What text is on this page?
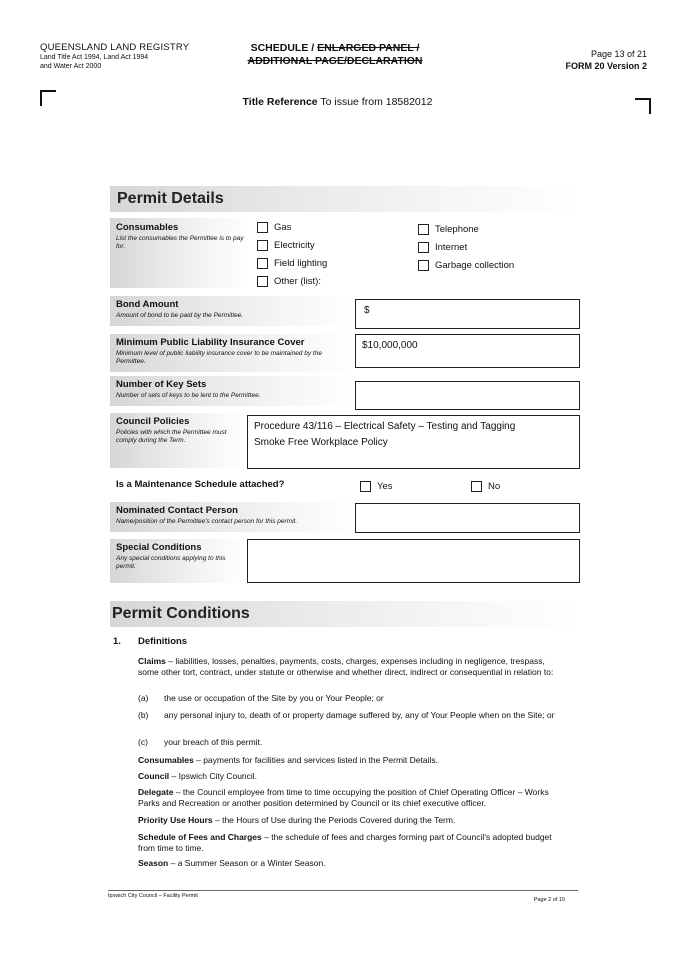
QUEENSLAND LAND REGISTRY
Land Title Act 1994, Land Act 1994
and Water Act 2000
SCHEDULE / ENLARGED PANEL /
ADDITIONAL PAGE/DECLARATION
Page 13 of 21
FORM 20 Version 2
Title Reference To issue from 18582012
Permit Details
Consumables
List the consumables the Permittee is to pay for.
Gas
Electricity
Field lighting
Other (list):
Telephone
Internet
Garbage collection
Bond Amount
Amount of bond to be paid by the Permittee.	$
Minimum Public Liability Insurance Cover
Minimum level of public liability insurance cover to be maintained by the Permittee.
$10,000,000
Number of Key Sets
Number of sets of keys to be lent to the Permittee.
Council Policies
Policies with which the Permittee must comply during the Term.
Procedure 43/116 – Electrical Safety – Testing and Tagging
Smoke Free Workplace Policy
Is a Maintenance Schedule attached?	Yes	No
Nominated Contact Person
Name/position of the Permittee's contact person for this permit.
Special Conditions
Any special conditions applying to this permit.
Permit Conditions
1. Definitions
Claims – liabilities, losses, penalties, payments, costs, charges, expenses including in negligence, trespass, some other tort, contract, under statute or otherwise and whether direct, indirect or consequential in relation to:
(a) the use or occupation of the Site by you or Your People; or
(b) any personal injury to, death of or property damage suffered by, any of Your People when on the Site; or
(c) your breach of this permit.
Consumables – payments for facilities and services listed in the Permit Details.
Council – Ipswich City Council.
Delegate – the Council employee from time to time occupying the position of Chief Operating Officer – Works Parks and Recreation or another position determined by Council or its chief executive officer.
Priority Use Hours – the Hours of Use during the Periods Covered during the Term.
Schedule of Fees and Charges – the schedule of fees and charges forming part of Council's adopted budget from time to time.
Season – a Summer Season or a Winter Season.
Ipswich City Council – Facility Permit
Page 2 of 10
